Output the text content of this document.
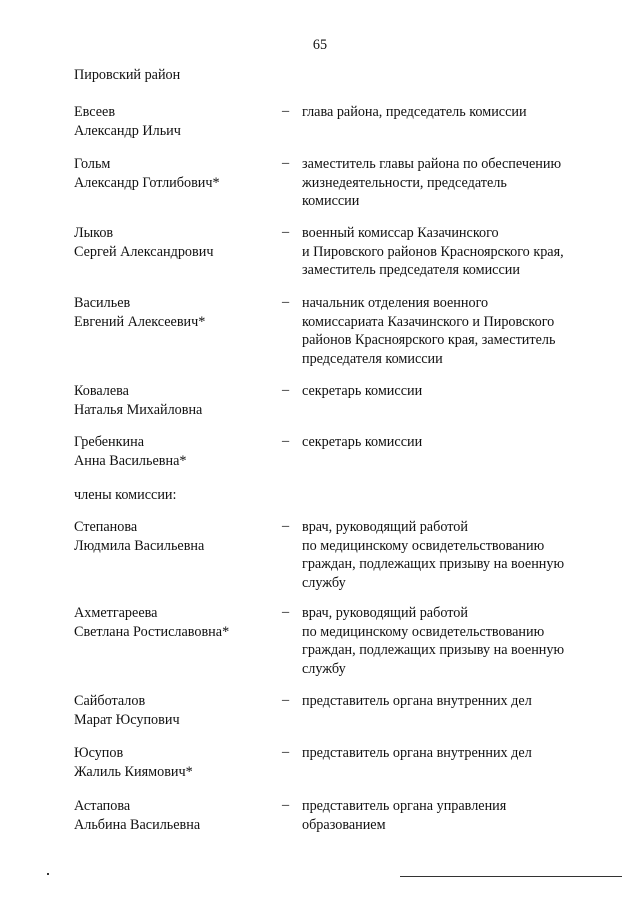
65
Пировский район
Евсеев
Александр Ильич
– глава района, председатель комиссии
Гольм
Александр Готлибович*
– заместитель главы района по обеспечению
жизнедеятельности, председатель
комиссии
Лыков
Сергей Александрович
– военный комиссар Казачинского
и Пировского районов Красноярского края,
заместитель председателя комиссии
Васильев
Евгений Алексеевич*
– начальник отделения военного
комиссариата Казачинского и Пировского
районов Красноярского края, заместитель
председателя комиссии
Ковалева
Наталья Михайловна
– секретарь комиссии
Гребенкина
Анна Васильевна*
– секретарь комиссии
члены комиссии:
Степанова
Людмила Васильевна
– врач, руководящий работой
по медицинскому освидетельствованию
граждан, подлежащих призыву на военную
службу
Ахметгареева
Светлана Ростиславовна*
– врач, руководящий работой
по медицинскому освидетельствованию
граждан, подлежащих призыву на военную
службу
Сайботалов
Марат Юсупович
– представитель органа внутренних дел
Юсупов
Жалиль Киямович*
– представитель органа внутренних дел
Астапова
Альбина Васильевна
– представитель органа управления
образованием
